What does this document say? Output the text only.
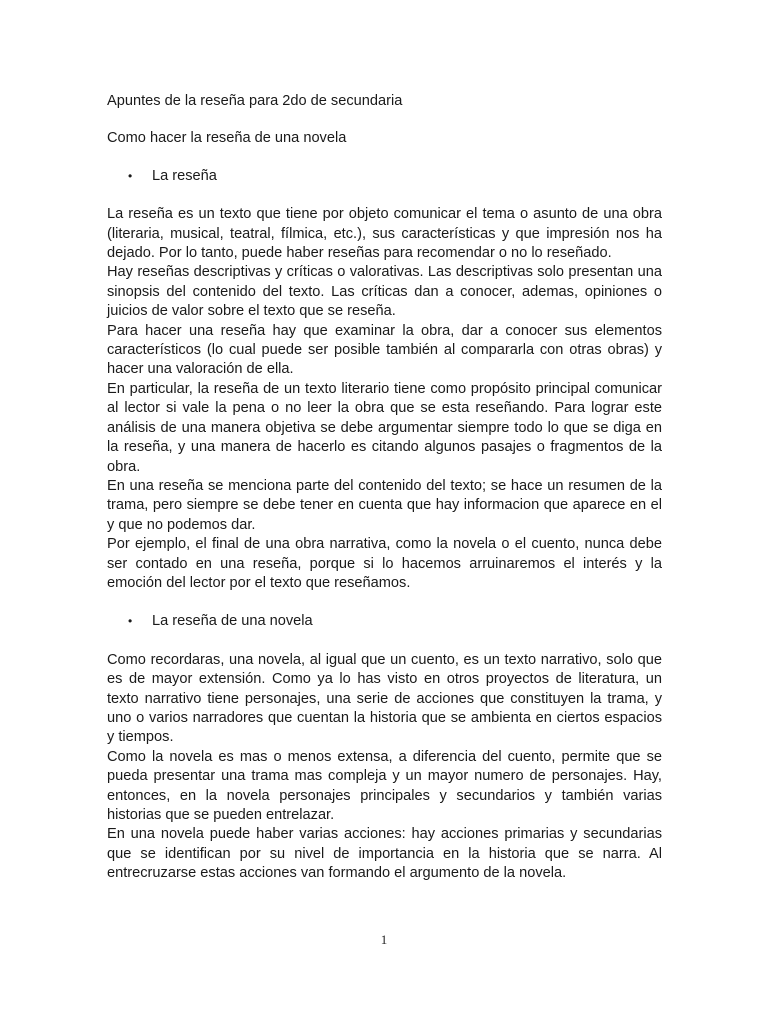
Apuntes de la reseña para 2do de secundaria

Como hacer la reseña de una novela

•	La reseña

La reseña es un texto que tiene por objeto comunicar el tema o asunto de una obra (literaria, musical, teatral, fílmica, etc.), sus características y que impresión nos ha dejado. Por lo tanto, puede haber reseñas para recomendar o no lo reseñado.

Hay reseñas descriptivas y críticas o valorativas. Las descriptivas solo presentan una sinopsis del contenido del texto. Las críticas dan a conocer, ademas, opiniones o juicios de valor sobre el texto que se reseña.

Para hacer una reseña hay que examinar la obra, dar a conocer sus elementos característicos (lo cual puede ser posible también al compararla con otras obras) y hacer una valoración de ella.

En particular, la reseña de un texto literario tiene como propósito principal comunicar al lector si vale la pena o no leer la obra que se esta reseñando. Para lograr este análisis de una manera objetiva se debe argumentar siempre todo lo que se diga en la reseña, y una manera de hacerlo es citando algunos pasajes o fragmentos de la obra.

En una reseña se menciona parte del contenido del texto; se hace un resumen de la trama, pero siempre se debe tener en cuenta que hay informacion que aparece en el y que no podemos dar.

Por ejemplo, el final de una obra narrativa, como la novela o el cuento, nunca debe ser contado en una reseña, porque si lo hacemos arruinaremos el interés y la emoción del lector por el texto que reseñamos.

•	La reseña de una novela

Como recordaras, una novela, al igual que un cuento, es un texto narrativo, solo que es de mayor extensión. Como ya lo has visto en otros proyectos de literatura, un texto narrativo tiene personajes, una serie de acciones que constituyen la trama, y uno o varios narradores que cuentan la historia que se ambienta en ciertos espacios y tiempos.

Como la novela es mas o menos extensa, a diferencia del cuento, permite que se pueda presentar una trama mas compleja y un mayor numero de personajes. Hay, entonces, en la novela personajes principales y secundarios y también varias historias que se pueden entrelazar.

En una novela puede haber varias acciones: hay acciones primarias y secundarias que se identifican por su nivel de importancia en la historia que se narra. Al entrecruzarse estas acciones van formando el argumento de la novela.

1
